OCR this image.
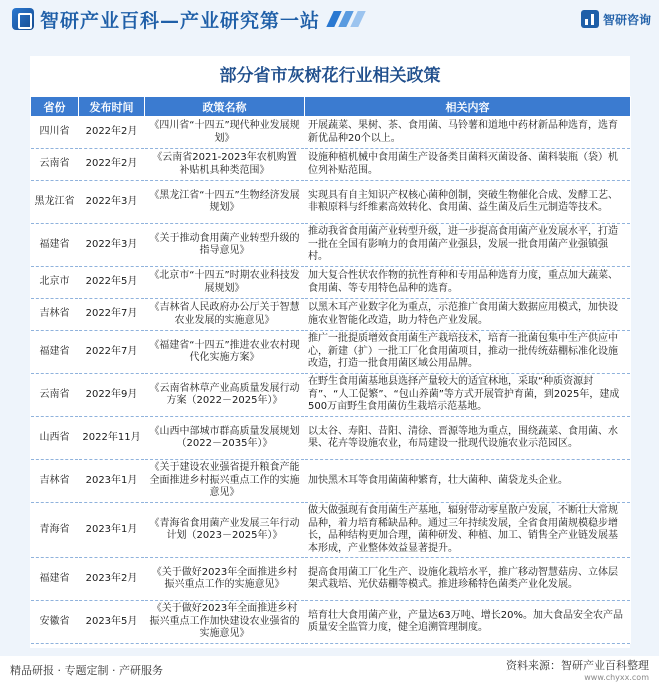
智研产业百科—产业研究第一站	智研咨询
部分省市灰树花行业相关政策
省份	发布时间	政策名称	相关内容
四川省	2022年2月	《四川省“十四五”现代种业发展规划》	开展蔬菜、果树、茶、食用菌、马铃薯和道地中药材新品种选育，选育新优品种20个以上。
云南省	2022年2月	《云南省2021-2023年农机购置补贴机具种类范围》	设施种植机械中食用菌生产设备类目菌料灭菌设备、菌料装瓶（袋）机位列补贴范围。
黑龙江省	2022年3月	《黑龙江省“十四五”生物经济发展规划》	实现具有自主知识产权核心菌种创制，突破生物催化合成、发酵工艺、非粮原料与纤维素高效转化、食用菌、益生菌及后生元制造等技术。
福建省	2022年3月	《关于推动食用菌产业转型升级的指导意见》	推动我省食用菌产业转型升级，进一步提高食用菌产业发展水平，打造一批在全国有影响力的食用菌产业强县，发展一批食用菌产业强镇强村。
北京市	2022年5月	《北京市“十四五”时期农业科技发展规划》	加大复合性状农作物的抗性育种和专用品种选育力度，重点加大蔬菜、食用菌、等专用特色品种的选育。
吉林省	2022年7月	《吉林省人民政府办公厅关于智慧农业发展的实施意见》	以黑木耳产业数字化为重点，示范推广食用菌大数据应用模式，加快设施农业智能化改造，助力特色产业发展。
福建省	2022年7月	《福建省“十四五”推进农业农村现代化实施方案》	推广一批提质增效食用菌生产栽培技术，培育一批菌包集中生产供应中心，新建（扩）一批工厂化食用菌项目，推动一批传统菇棚标准化设施改造，打造一批食用菌区域公用品牌。
云南省	2022年9月	《云南省林草产业高质量发展行动方案（2022－2025年）》	在野生食用菌基地县选择产量较大的适宜林地，采取“种质资源封育”、“人工促繁”、“包山养菌”等方式开展管护育菌，到2025年，建成500万亩野生食用菌仿生栽培示范基地。
山西省	2022年11月	《山西中部城市群高质量发展规划（2022－2035年）》	以太谷、寿阳、昔阳、清徐、晋源等地为重点，围绕蔬菜、食用菌、水果、花卉等设施农业，布局建设一批现代设施农业示范园区。
吉林省	2023年1月	《关于建设农业强省提升粮食产能全面推进乡村振兴重点工作的实施意见》	加快黑木耳等食用菌菌种繁育，壮大菌种、菌袋龙头企业。
青海省	2023年1月	《青海省食用菌产业发展三年行动计划（2023－2025年）》	做大做强现有食用菌生产基地，辐射带动零星散户发展，不断壮大常规品种，着力培育稀缺品种。通过三年持续发展，全省食用菌规模稳步增长，品种结构更加合理，菌种研发、种植、加工、销售全产业链发展基本形成，产业整体效益显著提升。
福建省	2023年2月	《关于做好2023年全面推进乡村振兴重点工作的实施意见》	提高食用菌工厂化生产、设施化栽培水平，推广移动智慧菇房、立体层架式栽培、光伏菇棚等模式。推进珍稀特色菌类产业化发展。
安徽省	2023年5月	《关于做好2023年全面推进乡村振兴重点工作加快建设农业强省的实施意见》	培育壮大食用菌产业，产量达63万吨、增长20%。加大食品安全农产品质量安全监管力度，健全追溯管理制度。
精品研报 · 专题定制 · 产研服务	资料来源：智研产业百科整理
www.chyxx.com
